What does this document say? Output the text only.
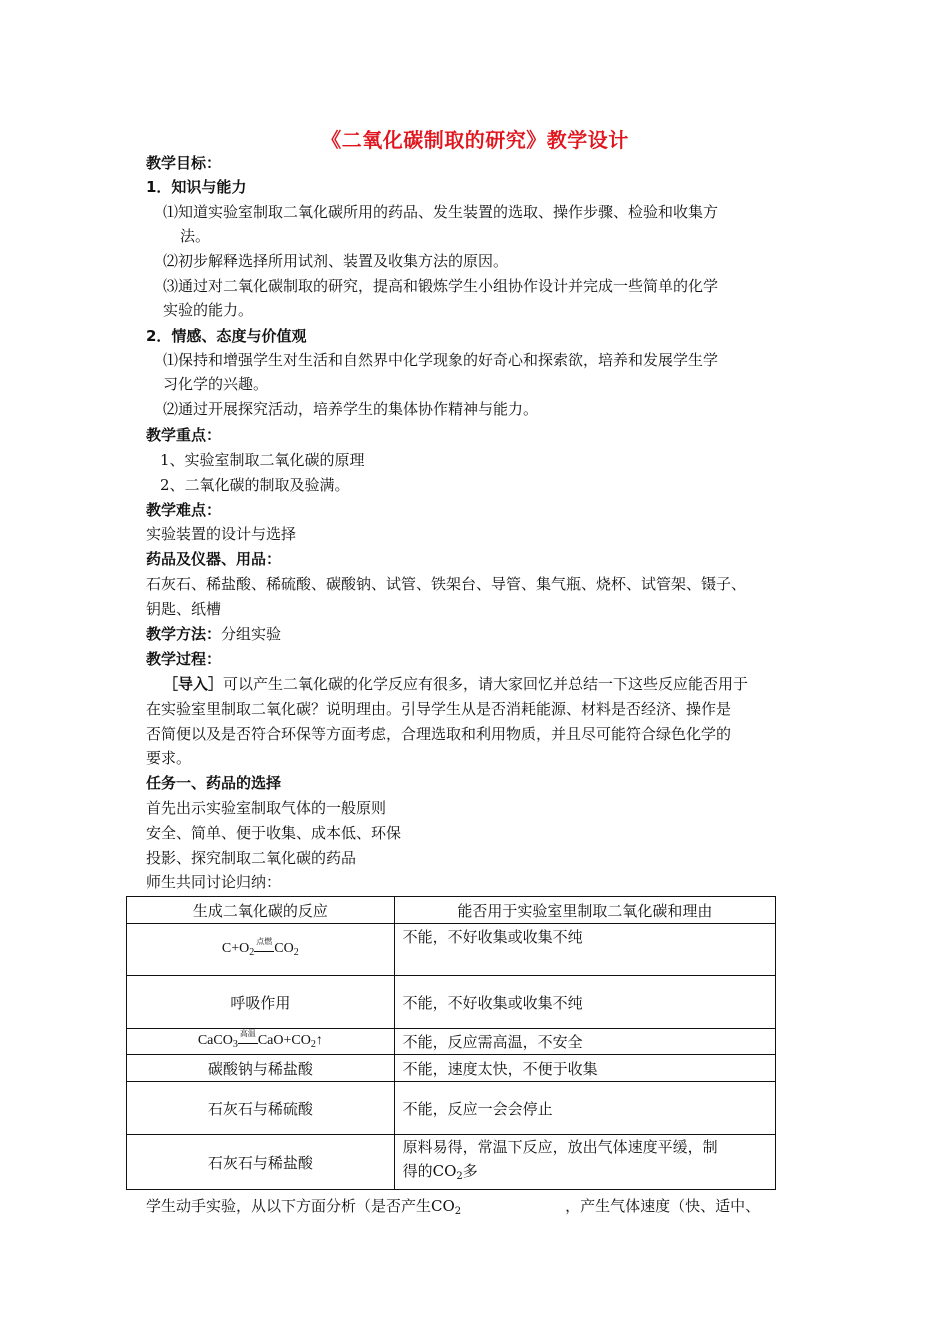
《二氧化碳制取的研究》教学设计
教学目标：
1．知识与能力
⑴知道实验室制取二氧化碳所用的药品、发生装置的选取、操作步骤、检验和收集方
法。
⑵初步解释选择所用试剂、装置及收集方法的原因。
⑶通过对二氧化碳制取的研究，提高和锻炼学生小组协作设计并完成一些简单的化学
实验的能力。
2．情感、态度与价值观
⑴保持和增强学生对生活和自然界中化学现象的好奇心和探索欲，培养和发展学生学
习化学的兴趣。
⑵通过开展探究活动，培养学生的集体协作精神与能力。
教学重点：
1、实验室制取二氧化碳的原理
2、二氧化碳的制取及验满。
教学难点：
实验装置的设计与选择
药品及仪器、用品：
石灰石、稀盐酸、稀硫酸、碳酸钠、试管、铁架台、导管、集气瓶、烧杯、试管架、镊子、
钥匙、纸槽
教学方法：分组实验
教学过程：
［导入］可以产生二氧化碳的化学反应有很多，请大家回忆并总结一下这些反应能否用于
在实验室里制取二氧化碳？说明理由。引导学生从是否消耗能源、材料是否经济、操作是
否简便以及是否符合环保等方面考虑，合理选取和利用物质，并且尽可能符合绿色化学的
要求。
任务一、药品的选择
首先出示实验室制取气体的一般原则
安全、简单、便于收集、成本低、环保
投影、探究制取二氧化碳的药品
师生共同讨论归纳：
生成二氧化碳的反应	能否用于实验室里制取二氧化碳和理由
$C+O_2$
点燃 $CO_2$	不能，不好收集或收集不纯
呼吸作用	不能，不好收集或收集不纯
CaCO$_3$
高温 $CaO+CO_2↑$	不能，反应需高温，不安全
碳酸钠与稀盐酸	不能，速度太快，不便于收集
石灰石与稀硫酸	不能，反应一会会停止
石灰石与稀盐酸	原料易得，常温下反应，放出气体速度平缓，制
得的$CO_2$多
学生动手实验，从以下方面分析（是否产生$CO_2$	，产生气体速度（快、适中、
